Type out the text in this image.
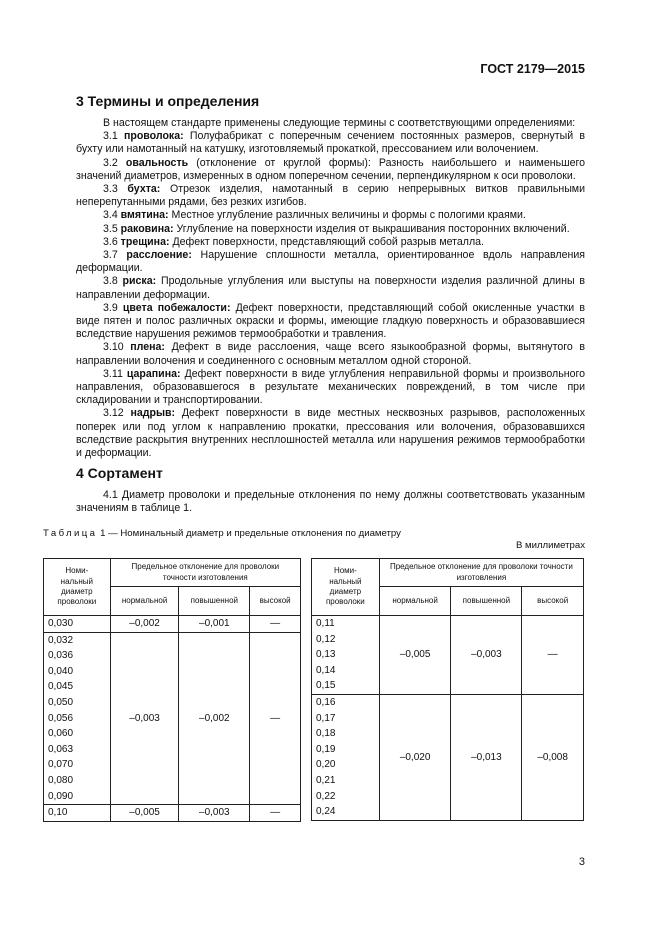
ГОСТ 2179—2015
3 Термины и определения

В настоящем стандарте применены следующие термины с соответствующими определениями:

3.1 проволока: Полуфабрикат с поперечным сечением постоянных размеров, свернутый в бухту или намотанный на катушку, изготовляемый прокаткой, прессованием или волочением.

3.2 овальность (отклонение от круглой формы): Разность наибольшего и наименьшего значений диаметров, измеренных в одном поперечном сечении, перпендикулярном к оси проволоки.

3.3 бухта: Отрезок изделия, намотанный в серию непрерывных витков правильными неперепутанными рядами, без резких изгибов.

3.4 вмятина: Местное углубление различных величины и формы с пологими краями.

3.5 раковина: Углубление на поверхности изделия от выкрашивания посторонних включений.

3.6 трещина: Дефект поверхности, представляющий собой разрыв металла.

3.7 расслоение: Нарушение сплошности металла, ориентированное вдоль направления деформации.

3.8 риска: Продольные углубления или выступы на поверхности изделия различной длины в направлении деформации.

3.9 цвета побежалости: Дефект поверхности, представляющий собой окисленные участки в виде пятен и полос различных окраски и формы, имеющие гладкую поверхность и образовавшиеся вследствие нарушения режимов термообработки и травления.

3.10 плена: Дефект в виде расслоения, чаще всего языкообразной формы, вытянутого в направлении волочения и соединенного с основным металлом одной стороной.

3.11 царапина: Дефект поверхности в виде углубления неправильной формы и произвольного направления, образовавшегося в результате механических повреждений, в том числе при складировании и транспортировании.

3.12 надрыв: Дефект поверхности в виде местных несквозных разрывов, расположенных поперек или под углом к направлению прокатки, прессования или волочения, образовавшихся вследствие раскрытия внутренних несплошностей металла или нарушения режимов термообработки и деформации.

4 Сортамент

4.1 Диаметр проволоки и предельные отклонения по нему должны соответствовать указанным значениям в таблице 1.

Таблица 1 — Номинальный диаметр и предельные отклонения по диаметру
В миллиметрах
Номи-
нальный
диаметр
проволоки	Предельное отклонение для проволоки точности изготовления		
	нормальной	повышенной	высокой
0,030	–0,002	–0,001	—
0,032	–0,003	–0,002	—
0,036			
0,040			
0,045			
0,050			
0,056			
0,060			
0,063			
0,070			
0,080			
0,090			
0,10	–0,005	–0,003	—
Номи-
нальный
диаметр
проволоки	Предельное отклонение для проволоки точности изготовления		
	нормальной	повышенной	высокой
0,11	–0,005	–0,003	—
0,12			
0,13			
0,14			
0,15			
0,16	–0,020	–0,013	–0,008
0,17			
0,18			
0,19			
0,20			
0,21			
0,22			
0,24			
3
